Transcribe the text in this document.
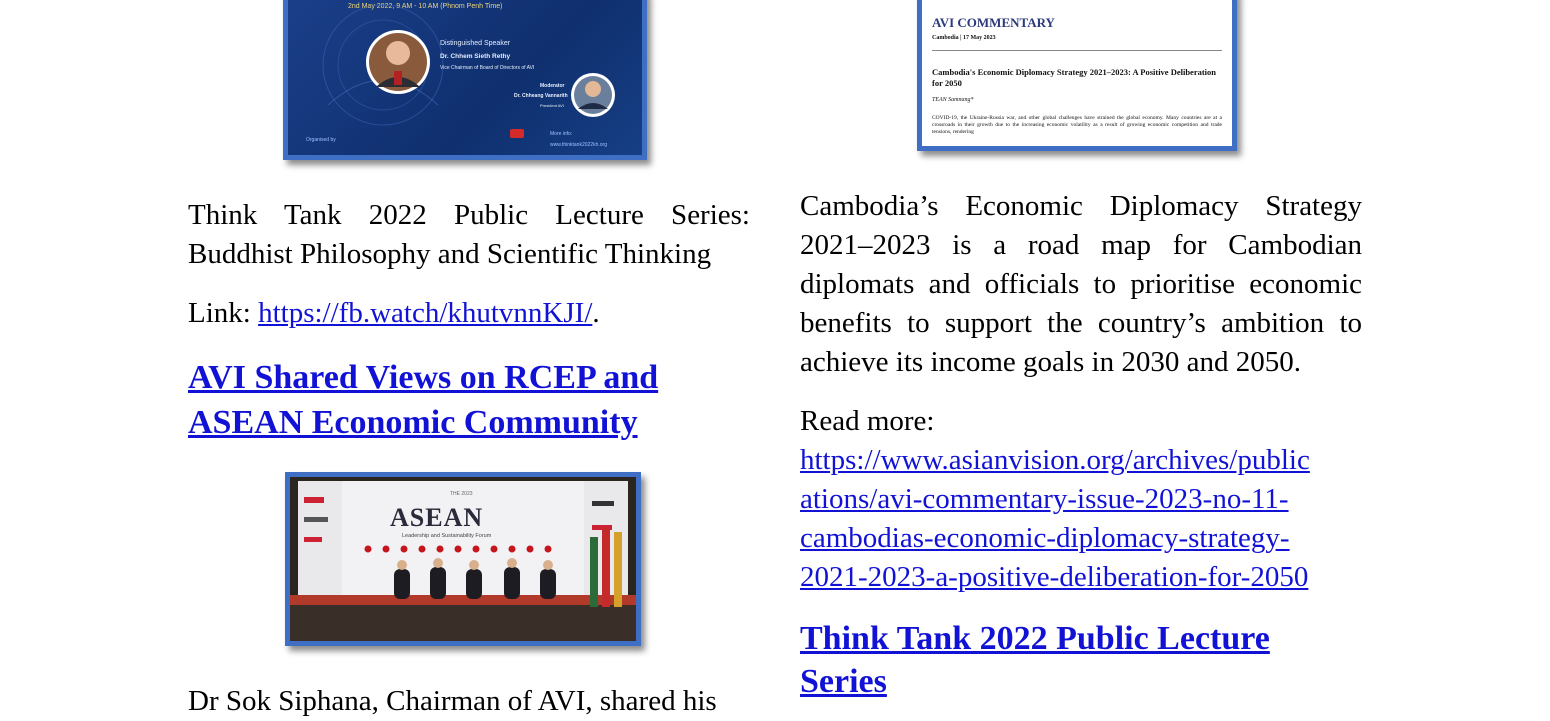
2nd May 2022, 9 AM - 10 AM (Phnom Penh Time)
Distinguished Speaker
Dr. Chhem Sieth Rethy
Vice Chairman of Board of Directors of AVI
Moderator
Dr. Chheang Vannarith
President AVI
Organised by
More info:
www.thinktank2022kh.org

Think Tank 2022 Public Lecture Series: Buddhist Philosophy and Scientific Thinking

Link: https://fb.watch/khutvnnKJI/.

AVI Shared Views on RCEP and ASEAN Economic Community
THE 2023
ASEAN
Leadership and Sustainability Forum

Dr Sok Siphana, Chairman of AVI, shared his

AVI COMMENTARY
Cambodia | 17 May 2023
Cambodia's Economic Diplomacy Strategy 2021–2023: A Positive Deliberation for 2050
TEAN Samnang*
COVID-19, the Ukraine-Russia war, and other global challenges have strained the global economy. Many countries are at a crossroads in their growth due to the increasing economic volatility as a result of growing economic competition and trade tensions, rendering

Cambodia’s Economic Diplomacy Strategy 2021–2023 is a road map for Cambodian diplomats and officials to prioritise economic benefits to support the country’s ambition to achieve its income goals in 2030 and 2050.

Read more:

https://www.asianvision.org/archives/public
ations/avi-commentary-issue-2023-no-11-
cambodias-economic-diplomacy-strategy-
2021-2023-a-positive-deliberation-for-2050
Think Tank 2022 Public Lecture Series
